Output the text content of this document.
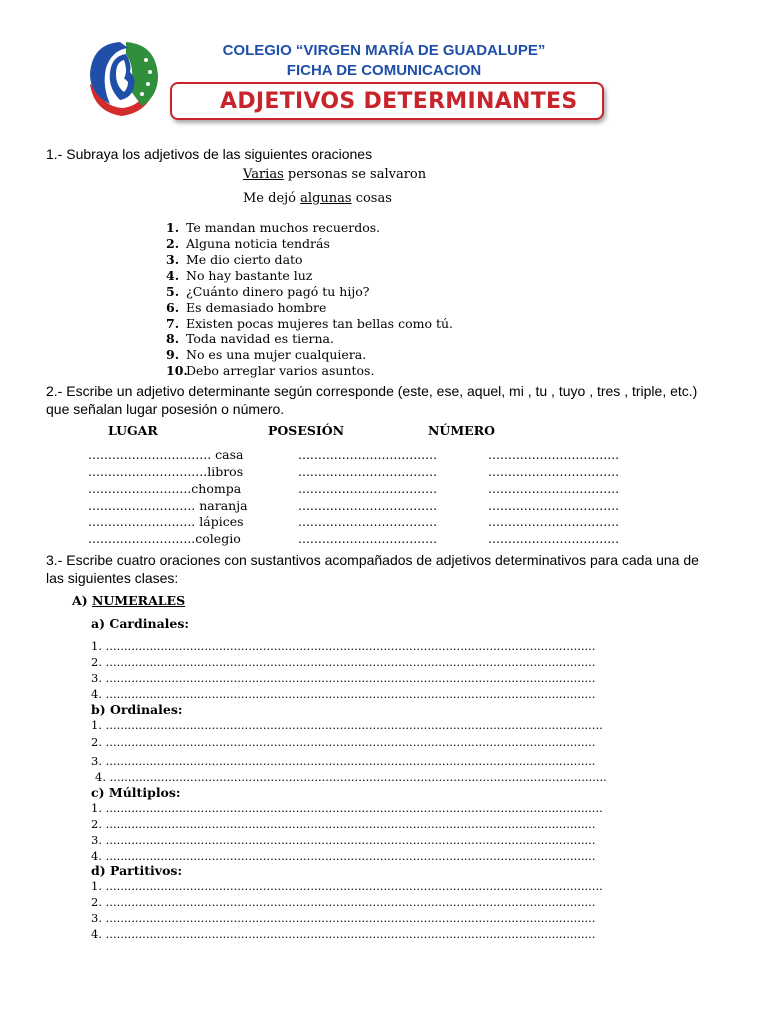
COLEGIO “VIRGEN MARÍA DE GUADALUPE”
FICHA DE COMUNICACION
ADJETIVOS DETERMINANTES
1.- Subraya los adjetivos de las siguientes oraciones
Varias personas se salvaron
Me dejó algunas cosas
1. Te mandan muchos recuerdos.
2. Alguna noticia tendrás
3. Me dio cierto dato
4. No hay bastante luz
5. ¿Cuánto dinero pagó tu hijo?
6. Es demasiado hombre
7. Existen pocas mujeres tan bellas como tú.
8. Toda navidad es tierna.
9. No es una mujer cualquiera.
10.Debo arreglar varios asuntos.
2.- Escribe un adjetivo determinante según corresponde (este, ese, aquel, mi , tu , tuyo , tres , triple, etc.)
que señalan lugar posesión o número.
LUGAR	POSESIÓN	NÚMERO
............................... casa	...................................	.................................
..............................libros	...................................	.................................
..........................chompa	...................................	.................................
........................... naranja	...................................	.................................
........................... lápices	...................................	.................................
...........................colegio	...................................	.................................
3.- Escribe cuatro oraciones con sustantivos acompañados de adjetivos determinativos para cada una de
las siguientes clases:
A) NUMERALES
a) Cardinales:
1. ......................................................................................................................................
2. ......................................................................................................................................
3. ......................................................................................................................................
4. ......................................................................................................................................
b) Ordinales:
1. ........................................................................................................................................
2. ......................................................................................................................................
3. ......................................................................................................................................
4. ........................................................................................................................................
c) Múltiplos:
1. ........................................................................................................................................
2. ......................................................................................................................................
3. ......................................................................................................................................
4. ......................................................................................................................................
d) Partitivos:
1. ........................................................................................................................................
2. ......................................................................................................................................
3. ......................................................................................................................................
4. ......................................................................................................................................
